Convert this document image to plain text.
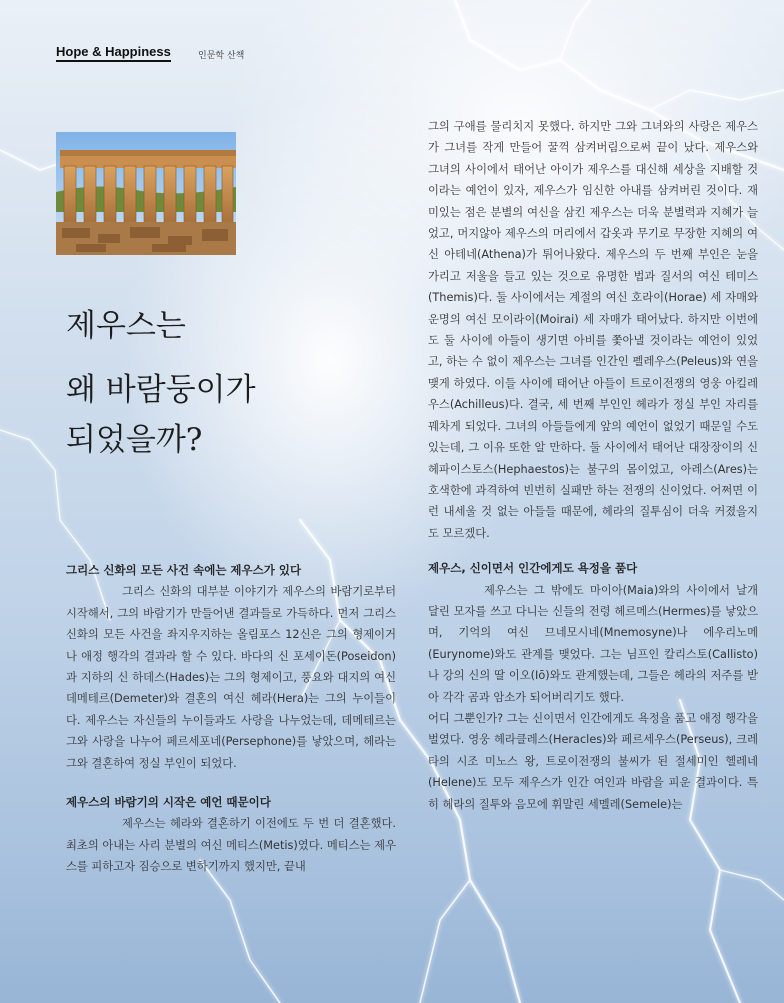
Hope & Happiness	인문학 산책
제우스는
왜 바람둥이가
되었을까?
그리스 신화의 모든 사건 속에는 제우스가 있다

그리스 신화의 대부분 이야기가 제우스의 바람기로부터 시작해서, 그의 바람기가 만들어낸 결과들로 가득하다. 먼저 그리스 신화의 모든 사건을 좌지우지하는 올림포스 12신은 그의 형제이거나 애정 행각의 결과라 할 수 있다. 바다의 신 포세이돈(Poseidon)과 지하의 신 하데스(Hades)는 그의 형제이고, 풍요와 대지의 여신 데메테르(Demeter)와 결혼의 여신 헤라(Hera)는 그의 누이들이다. 제우스는 자신들의 누이들과도 사랑을 나누었는데, 데메테르는 그와 사랑을 나누어 페르세포네(Persephone)를 낳았으며, 헤라는 그와 결혼하여 정실 부인이 되었다.

제우스의 바람기의 시작은 예언 때문이다

제우스는 헤라와 결혼하기 이전에도 두 번 더 결혼했다. 최초의 아내는 사리 분별의 여신 메티스(Metis)였다. 메티스는 제우스를 피하고자 짐승으로 변하기까지 했지만, 끝내

그의 구애를 물리치지 못했다. 하지만 그와 그녀와의 사랑은 제우스가 그녀를 작게 만들어 꿀꺽 삼켜버림으로써 끝이 났다. 제우스와 그녀의 사이에서 태어난 아이가 제우스를 대신해 세상을 지배할 것이라는 예언이 있자, 제우스가 임신한 아내를 삼켜버린 것이다. 재미있는 점은 분별의 여신을 삼킨 제우스는 더욱 분별력과 지혜가 늘었고, 머지않아 제우스의 머리에서 갑옷과 무기로 무장한 지혜의 여신 아테네(Athena)가 튀어나왔다. 제우스의 두 번째 부인은 눈을 가리고 저울을 들고 있는 것으로 유명한 법과 질서의 여신 테미스(Themis)다. 둘 사이에서는 계절의 여신 호라이(Horae) 세 자매와 운명의 여신 모이라이(Moirai) 세 자매가 태어났다. 하지만 이번에도 둘 사이에 아들이 생기면 아비를 쫓아낼 것이라는 예언이 있었고, 하는 수 없이 제우스는 그녀를 인간인 펠레우스(Peleus)와 연을 맺게 하였다. 이들 사이에 태어난 아들이 트로이전쟁의 영웅 아킬레우스(Achilleus)다. 결국, 세 번째 부인인 헤라가 정실 부인 자리를 꿰차게 되었다. 그녀의 아들들에게 앞의 예언이 없었기 때문일 수도 있는데, 그 이유 또한 알 만하다. 둘 사이에서 태어난 대장장이의 신 헤파이스토스(Hephaestos)는 불구의 몸이었고, 아레스(Ares)는 호색한에 과격하여 빈번히 실패만 하는 전쟁의 신이었다. 어쩌면 이런 내세울 것 없는 아들들 때문에, 헤라의 질투심이 더욱 커졌을지도 모르겠다.

제우스, 신이면서 인간에게도 욕정을 품다

제우스는 그 밖에도 마이아(Maia)와의 사이에서 날개 달린 모자를 쓰고 다니는 신들의 전령 헤르메스(Hermes)를 낳았으며, 기억의 여신 므네모시네(Mnemosyne)나 에우리노메(Eurynome)와도 관계를 맺었다. 그는 님프인 칼리스토(Callisto)나 강의 신의 딸 이오(Iō)와도 관계했는데, 그들은 헤라의 저주를 받아 각각 곰과 암소가 되어버리기도 했다.

어디 그뿐인가? 그는 신이면서 인간에게도 욕정을 품고 애정 행각을 벌였다. 영웅 헤라클레스(Heracles)와 페르세우스(Perseus), 크레타의 시조 미노스 왕, 트로이전쟁의 불씨가 된 절세미인 헬레네(Helene)도 모두 제우스가 인간 여인과 바람을 피운 결과이다. 특히 헤라의 질투와 음모에 휘말린 세멜레(Semele)는
